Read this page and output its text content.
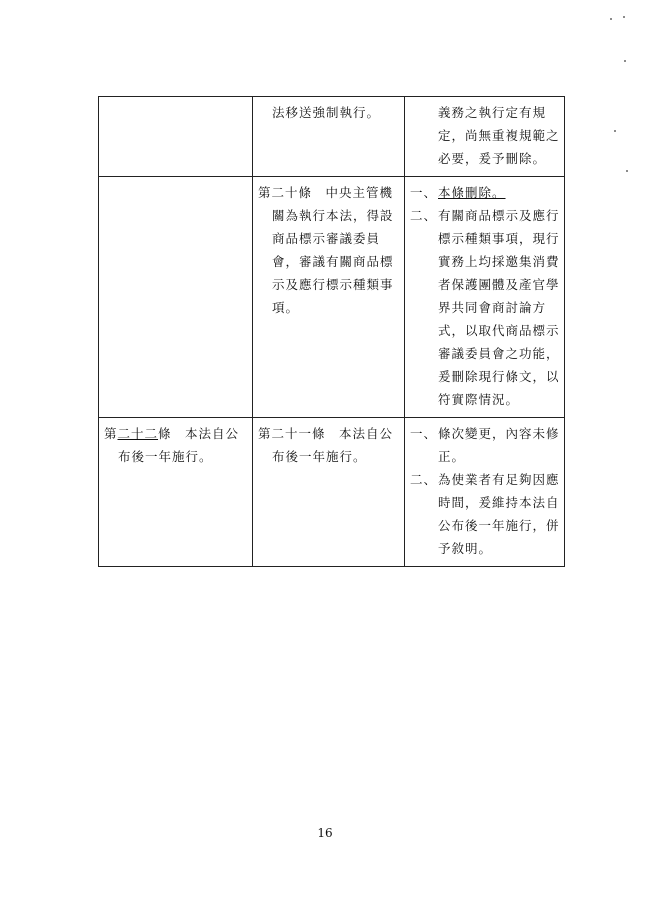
	法移送強制執行。	義務之執行定有規定，尚無重複規範之必要，爰予刪除。

	第二十條　中央主管機關為執行本法，得設商品標示審議委員會，審議有關商品標示及應行標示種類事項。	一、 本條刪除。
二、 有關商品標示及應行標示種類事項，現行實務上均採邀集消費者保護團體及產官學界共同會商討論方式，以取代商品標示審議委員會之功能，爰刪除現行條文，以符實際情況。

第二十二條　本法自公布後一年施行。	第二十一條　本法自公布後一年施行。	一、 條次變更，內容未修正。
二、 為使業者有足夠因應時間，爰維持本法自公布後一年施行，併予敘明。
16
